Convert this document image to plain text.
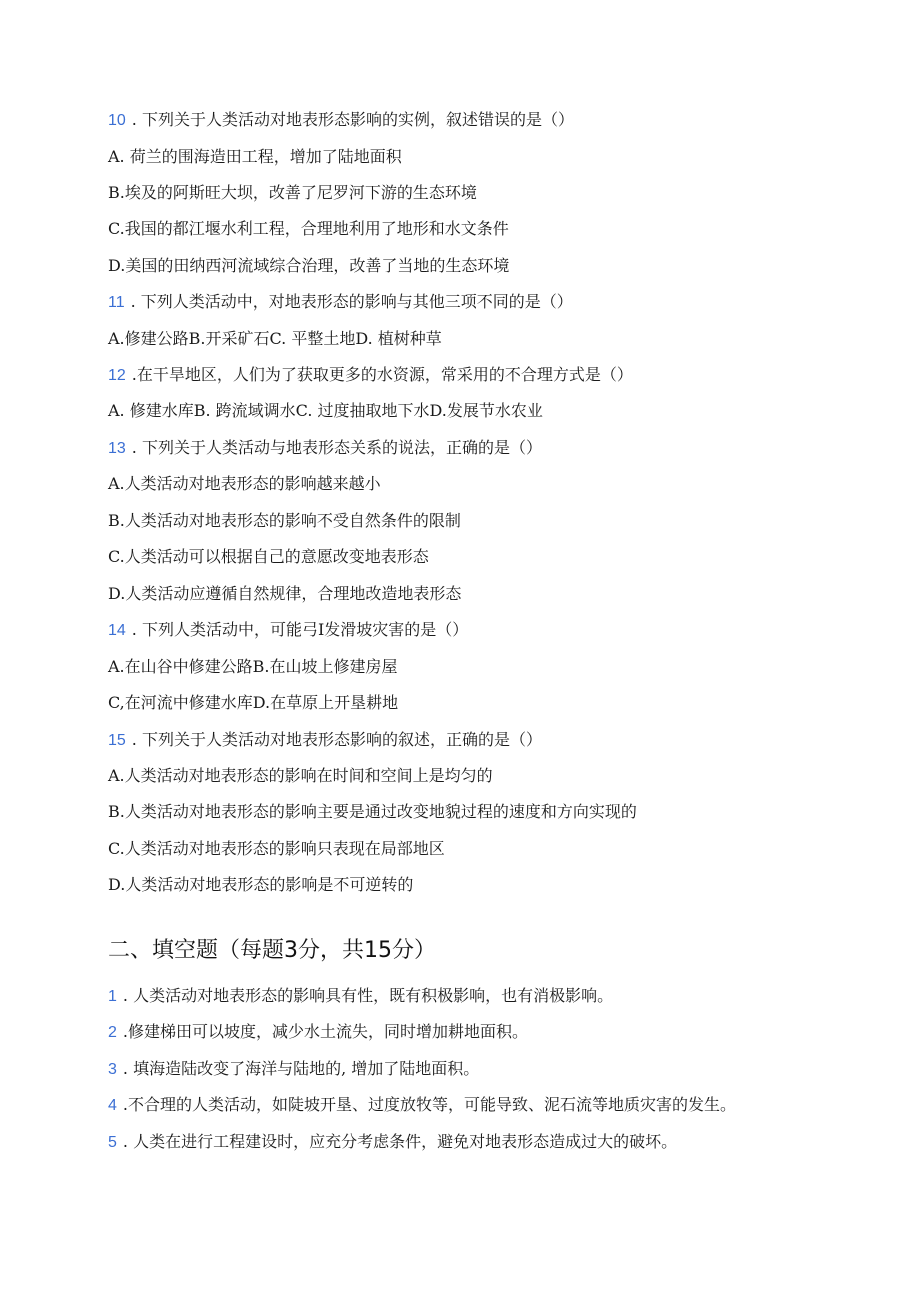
10 . 下列关于人类活动对地表形态影响的实例，叙述错误的是（）
A. 荷兰的围海造田工程，增加了陆地面积
B.埃及的阿斯旺大坝，改善了尼罗河下游的生态环境
C.我国的都江堰水利工程，合理地利用了地形和水文条件
D.美国的田纳西河流域综合治理，改善了当地的生态环境
11 . 下列人类活动中，对地表形态的影响与其他三项不同的是（）
A.修建公路B.开采矿石C. 平整土地D. 植树种草
12 .在干旱地区，人们为了获取更多的水资源，常采用的不合理方式是（）
A. 修建水库B. 跨流域调水C. 过度抽取地下水D.发展节水农业
13 . 下列关于人类活动与地表形态关系的说法，正确的是（）
A.人类活动对地表形态的影响越来越小
B.人类活动对地表形态的影响不受自然条件的限制
C.人类活动可以根据自己的意愿改变地表形态
D.人类活动应遵循自然规律，合理地改造地表形态
14 . 下列人类活动中，可能弓I发滑坡灾害的是（）
A.在山谷中修建公路B.在山坡上修建房屋
C,在河流中修建水库D.在草原上开垦耕地
15 . 下列关于人类活动对地表形态影响的叙述，正确的是（）
A.人类活动对地表形态的影响在时间和空间上是均匀的
B.人类活动对地表形态的影响主要是通过改变地貌过程的速度和方向实现的
C.人类活动对地表形态的影响只表现在局部地区
D.人类活动对地表形态的影响是不可逆转的
二、填空题（每题3分，共15分）
1 . 人类活动对地表形态的影响具有性，既有积极影响，也有消极影响。
2 .修建梯田可以坡度，减少水土流失，同时增加耕地面积。
3 . 填海造陆改变了海洋与陆地的, 增加了陆地面积。
4 .不合理的人类活动，如陡坡开垦、过度放牧等，可能导致、泥石流等地质灾害的发生。
5 . 人类在进行工程建设时，应充分考虑条件，避免对地表形态造成过大的破坏。
